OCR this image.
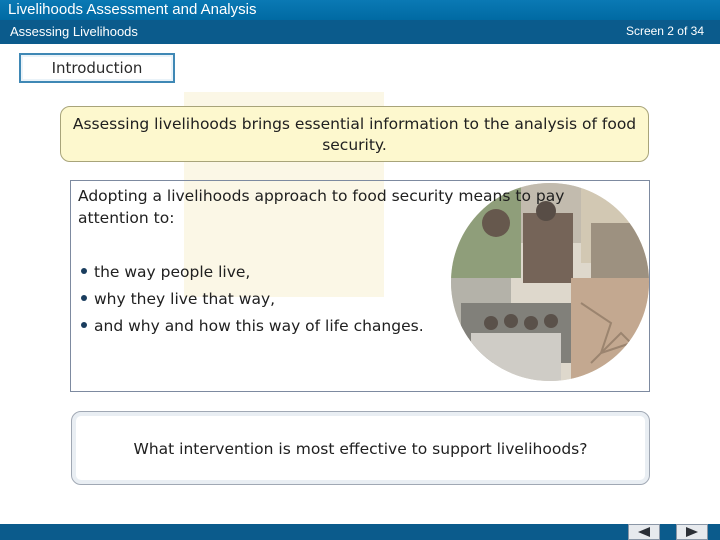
Livelihoods Assessment and Analysis
Assessing Livelihoods	Screen 2 of 34
Introduction
Assessing livelihoods brings essential information to the analysis of food security.

Adopting a livelihoods approach to food security means to pay attention to:

the way people live,
why they live that way,
and why and how this way of life changes.
What intervention is most effective to support livelihoods?
